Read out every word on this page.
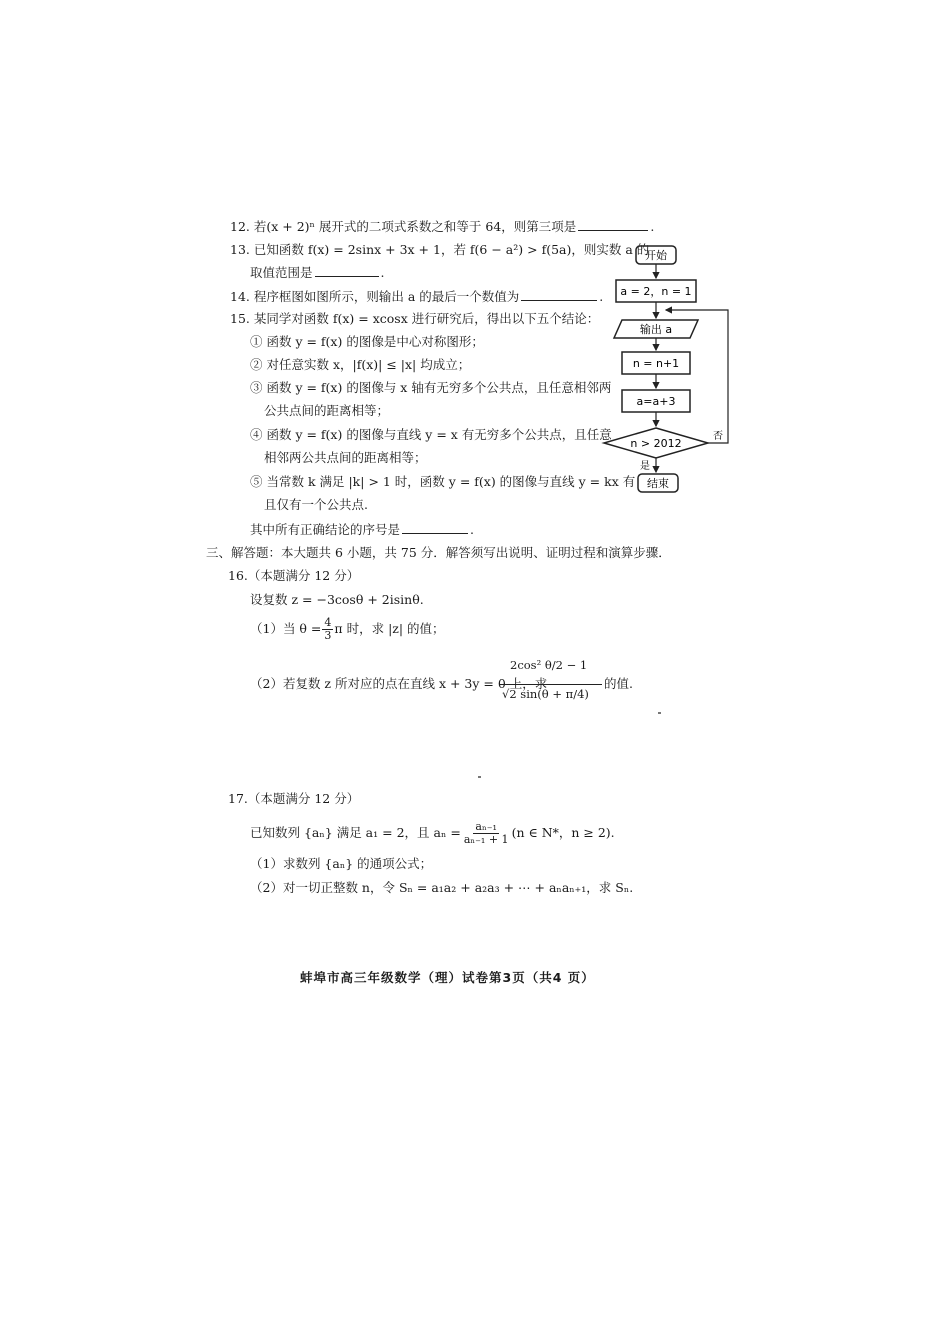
12. 若(x + 2)ⁿ 展开式的二项式系数之和等于 64，则第三项是	.
13. 已知函数 f(x) = 2sinx + 3x + 1，若 f(6 − a²) > f(5a)，则实数 a 的
取值范围是	.
14. 程序框图如图所示，则输出 a 的最后一个数值为	.
15. 某同学对函数 f(x) = xcosx 进行研究后，得出以下五个结论：
① 函数 y = f(x) 的图像是中心对称图形；
② 对任意实数 x，|f(x)| ≤ |x| 均成立；
③ 函数 y = f(x) 的图像与 x 轴有无穷多个公共点，且任意相邻两
公共点间的距离相等；
④ 函数 y = f(x) 的图像与直线 y = x 有无穷多个公共点，且任意
相邻两公共点间的距离相等；
⑤ 当常数 k 满足 |k| > 1 时，函数 y = f(x) 的图像与直线 y = kx 有
且仅有一个公共点.
其中所有正确结论的序号是	.
三、解答题：本大题共 6 小题，共 75 分．解答须写出说明、证明过程和演算步骤．
16.（本题满分 12 分）
设复数 z = −3cosθ + 2isinθ.
（1）当 $\theta = \frac{4}{3}$ π 时，求 |z| 的值；
（2）若复数 z 所对应的点在直线 x + 3y = 0 上，求
2cos² θ/2 − 1
√2 sin(θ + π/4)
的值.
17.（本题满分 12 分）
已知数列 {aₙ} 满足 a₁ = 2，且 $a_n = \frac{\text{aₙ₋₁}}{\text{aₙ₋₁ + 1}} (n$ ∈ N*，n ≥ 2).
（1）求数列 {aₙ} 的通项公式；
（2）对一切正整数 n，令 Sₙ = a₁a₂ + a₂a₃ + ⋯ + aₙaₙ₊₁，求 Sₙ.
开始
a = 2，n = 1
输出 a
n = n+1
a=a+3
n > 2012
否
是
结束
蚌埠市高三年级数学（理）试卷第3页（共4 页）
